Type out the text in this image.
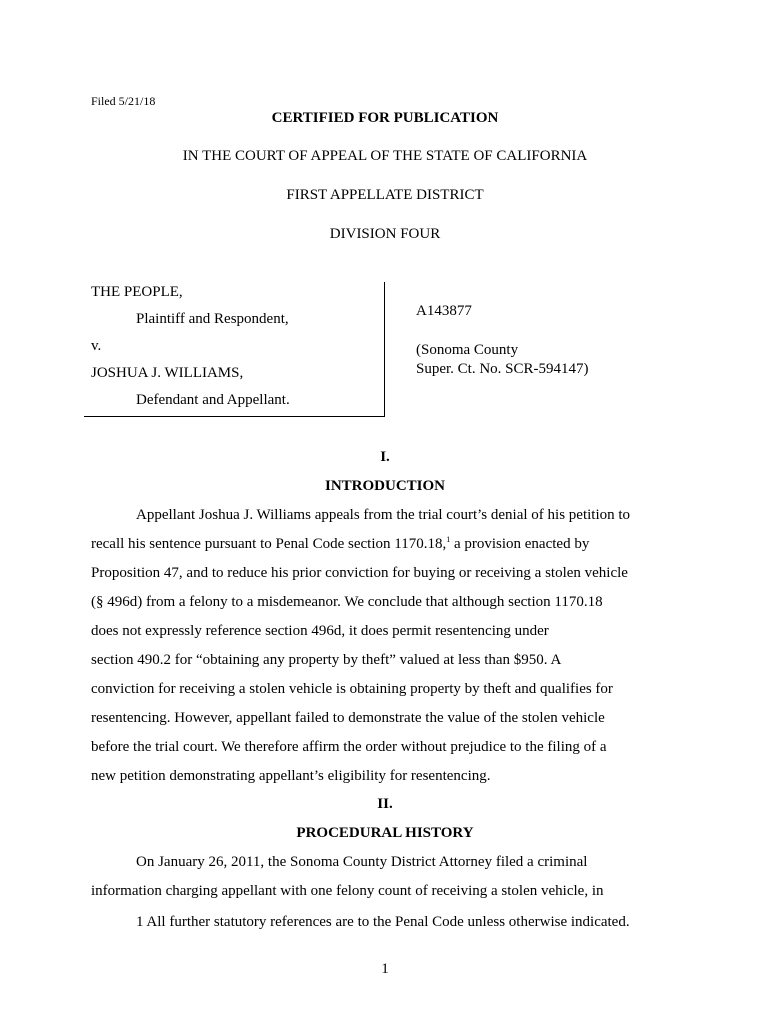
Filed 5/21/18
CERTIFIED FOR PUBLICATION
IN THE COURT OF APPEAL OF THE STATE OF CALIFORNIA
FIRST APPELLATE DISTRICT
DIVISION FOUR
THE PEOPLE,
Plaintiff and Respondent,
v.
JOSHUA J. WILLIAMS,
Defendant and Appellant.
A143877
(Sonoma County
Super. Ct. No. SCR-594147)
I.
INTRODUCTION
Appellant Joshua J. Williams appeals from the trial court’s denial of his petition to
recall his sentence pursuant to Penal Code section 1170.18,$^1$ a provision enacted by
Proposition 47, and to reduce his prior conviction for buying or receiving a stolen vehicle
(§ 496d) from a felony to a misdemeanor. We conclude that although section 1170.18
does not expressly reference section 496d, it does permit resentencing under
section 490.2 for “obtaining any property by theft” valued at less than $950. A
conviction for receiving a stolen vehicle is obtaining property by theft and qualifies for
resentencing. However, appellant failed to demonstrate the value of the stolen vehicle
before the trial court. We therefore affirm the order without prejudice to the filing of a
new petition demonstrating appellant’s eligibility for resentencing.
II.
PROCEDURAL HISTORY
On January 26, 2011, the Sonoma County District Attorney filed a criminal
information charging appellant with one felony count of receiving a stolen vehicle, in
1 All further statutory references are to the Penal Code unless otherwise indicated.
1
